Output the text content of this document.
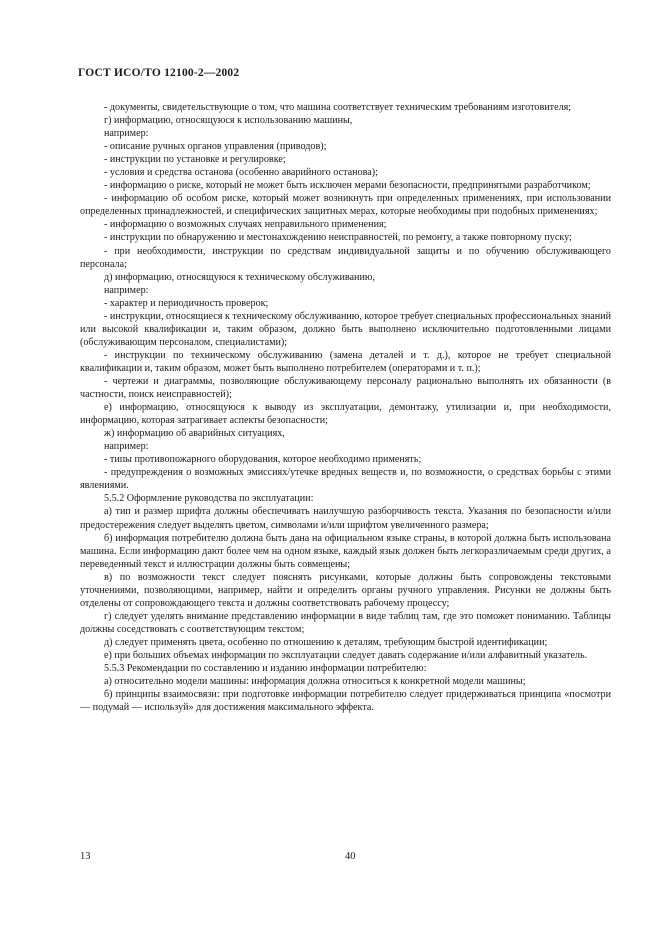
ГОСТ ИСО/ТО 12100-2—2002

- документы, свидетельствующие о том, что машина соответствует техническим требованиям изготовителя;

г) информацию, относящуюся к использованию машины,

например:

- описание ручных органов управления (приводов);

- инструкции по установке и регулировке;

- условия и средства останова (особенно аварийного останова);

- информацию о риске, который не может быть исключен мерами безопасности, предпринятыми разработчиком;

- информацию об особом риске, который может возникнуть при определенных применениях, при использовании определенных принадлежностей, и специфических защитных мерах, которые необходимы при подобных применениях;

- информацию о возможных случаях неправильного применения;

- инструкции по обнаружению и местонахождению неисправностей, по ремонту, а также повторному пуску;

- при необходимости, инструкции по средствам индивидуальной защиты и по обучению обслуживающего персонала;

д) информацию, относящуюся к техническому обслуживанию,

например:

- характер и периодичность проверок;

- инструкции, относящиеся к техническому обслуживанию, которое требует специальных профессиональных знаний или высокой квалификации и, таким образом, должно быть выполнено исключительно подготовленными лицами (обслуживающим персоналом, специалистами);

- инструкции по техническому обслуживанию (замена деталей и т. д.), которое не требует специальной квалификации и, таким образом, может быть выполнено потребителем (операторами и т. п.);

- чертежи и диаграммы, позволяющие обслуживающему персоналу рационально выполнять их обязанности (в частности, поиск неисправностей);

е) информацию, относящуюся к выводу из эксплуатации, демонтажу, утилизации и, при необходимости, информацию, которая затрагивает аспекты безопасности;

ж) информацию об аварийных ситуациях,

например:

- типы противопожарного оборудования, которое необходимо применять;

- предупреждения о возможных эмиссиях/утечке вредных веществ и, по возможности, о средствах борьбы с этими явлениями.

5.5.2 Оформление руководства по эксплуатации:

а) тип и размер шрифта должны обеспечивать наилучшую разборчивость текста. Указания по безопасности и/или предостережения следует выделять цветом, символами и/или шрифтом увеличенного размера;

б) информация потребителю должна быть дана на официальном языке страны, в которой должна быть использована машина. Если информацию дают более чем на одном языке, каждый язык должен быть легкоразличаемым среди других, а переведенный текст и иллюстрации должны быть совмещены;

в) по возможности текст следует пояснять рисунками, которые должны быть сопровождены текстовыми уточнениями, позволяющими, например, найти и определить органы ручного управления. Рисунки не должны быть отделены от сопровождающего текста и должны соответствовать рабочему процессу;

г) следует уделять внимание представлению информации в виде таблиц там, где это поможет пониманию. Таблицы должны соседствовать с соответствующим текстом;

д) следует применять цвета, особенно по отношению к деталям, требующим быстрой идентификации;

е) при больших объемах информации по эксплуатации следует давать содержание и/или алфавитный указатель.

5.5.3 Рекомендации по составлению и изданию информации потребителю:

а) относительно модели машины: информация должна относиться к конкретной модели машины;

б) принципы взаимосвязи: при подготовке информации потребителю следует придерживаться принципа «посмотри — подумай — используй» для достижения максимального эффекта.

13	40
